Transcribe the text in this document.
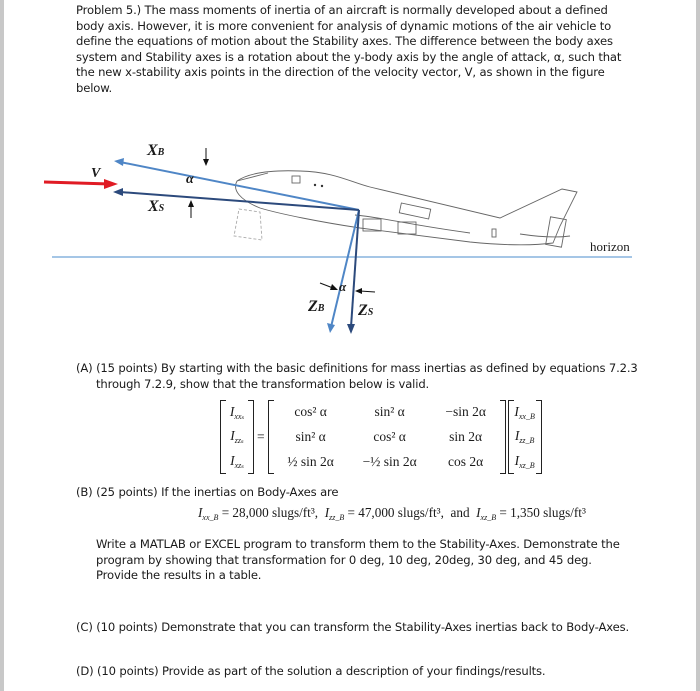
Problem 5.) The mass moments of inertia of an aircraft is normally developed about a defined body axis. However, it is more convenient for analysis of dynamic motions of the air vehicle to define the equations of motion about the Stability axes. The difference between the body axes system and Stability axes is a rotation about the y-body axis by the angle of attack, α, such that the new x-stability axis points in the direction of the velocity vector, V, as shown in the figure below.
V
XB
α
XS
α
ZB ZS
horizon
(A) (15 points) By starting with the basic definitions for mass inertias as defined by equations 7.2.3 through 7.2.9, show that the transformation below is valid.
$I_{xx_s}$
$I_{zz_s}$
$I_{xz_s}$
=
cos² α	sin² α	−sin 2α
sin² α	cos² α	sin 2α
½ sin 2α	−½ sin 2α	cos 2α
$I_{xx\_B}$
$I_{zz\_B}$
$I_{xz\_B}$
(B) (25 points) If the inertias on Body-Axes are
$I_{xx\_B} = 28,000$ slugs/ft³, $I_{zz\_B} = 47,000$ slugs/ft³, and $I_{xz\_B} = 1,350$ slugs/ft³
Write a MATLAB or EXCEL program to transform them to the Stability-Axes. Demonstrate the program by showing that transformation for 0 deg, 10 deg, 20deg, 30 deg, and 45 deg. Provide the results in a table.
(C) (10 points) Demonstrate that you can transform the Stability-Axes inertias back to Body-Axes.
(D) (10 points) Provide as part of the solution a description of your findings/results.
